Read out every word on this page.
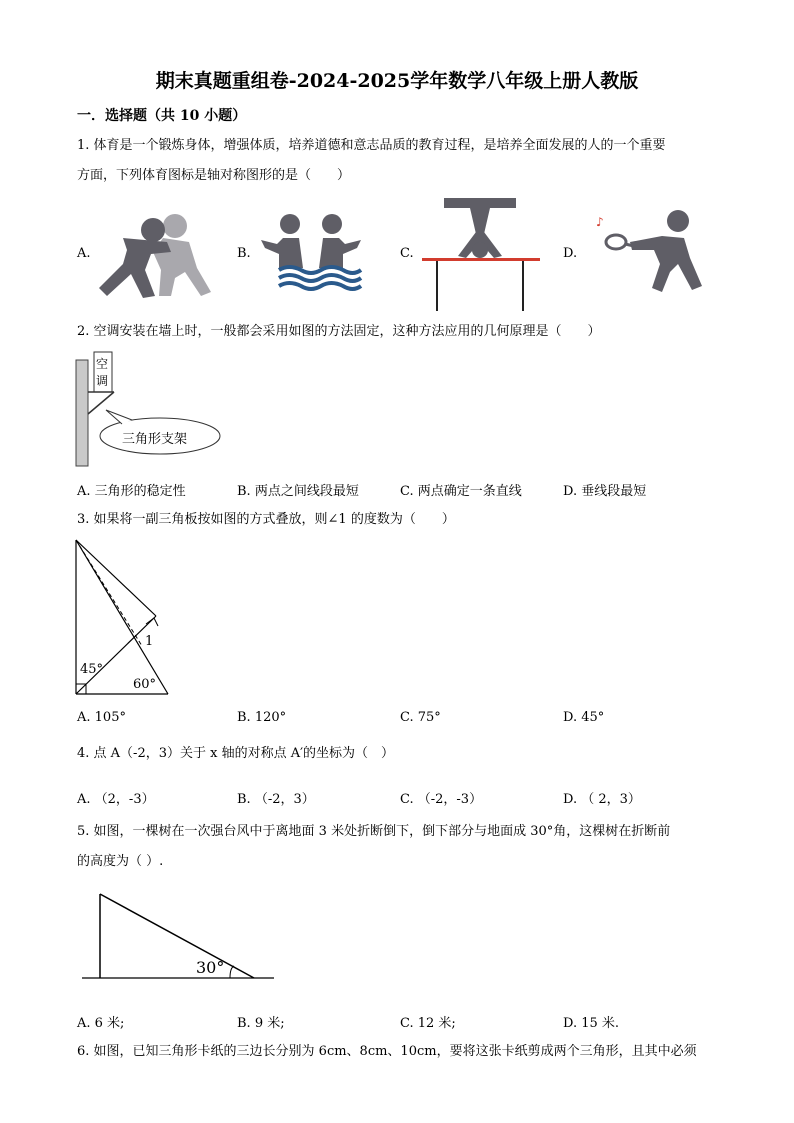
期末真题重组卷-2024-2025学年数学八年级上册人教版
一．选择题（共 10 小题）
1. 体育是一个锻炼身体，增强体质，培养道德和意志品质的教育过程，是培养全面发展的人的一个重要
方面，下列体育图标是轴对称图形的是（　　）
A.	B.	C.	D.
♪
2. 空调安装在墙上时，一般都会采用如图的方法固定，这种方法应用的几何原理是（　　）
空
调
三角形支架
A. 三角形的稳定性	B. 两点之间线段最短	C. 两点确定一条直线	D. 垂线段最短
3. 如果将一副三角板按如图的方式叠放，则∠1 的度数为（　　）
1
45°
60°
A. 105°	B. 120°	C. 75°	D. 45°
4. 点 A（-2，3）关于 x 轴的对称点 A′的坐标为（　）
A. （2，-3）	B. （-2，3）	C. （-2，-3）	D. （ 2，3）
5. 如图，一棵树在一次强台风中于离地面 3 米处折断倒下，倒下部分与地面成 30°角，这棵树在折断前
的高度为（ ）.
30°
A. 6 米;	B. 9 米;	C. 12 米;	D. 15 米.
6. 如图，已知三角形卡纸的三边长分别为 6cm、8cm、10cm，要将这张卡纸剪成两个三角形，且其中必须
